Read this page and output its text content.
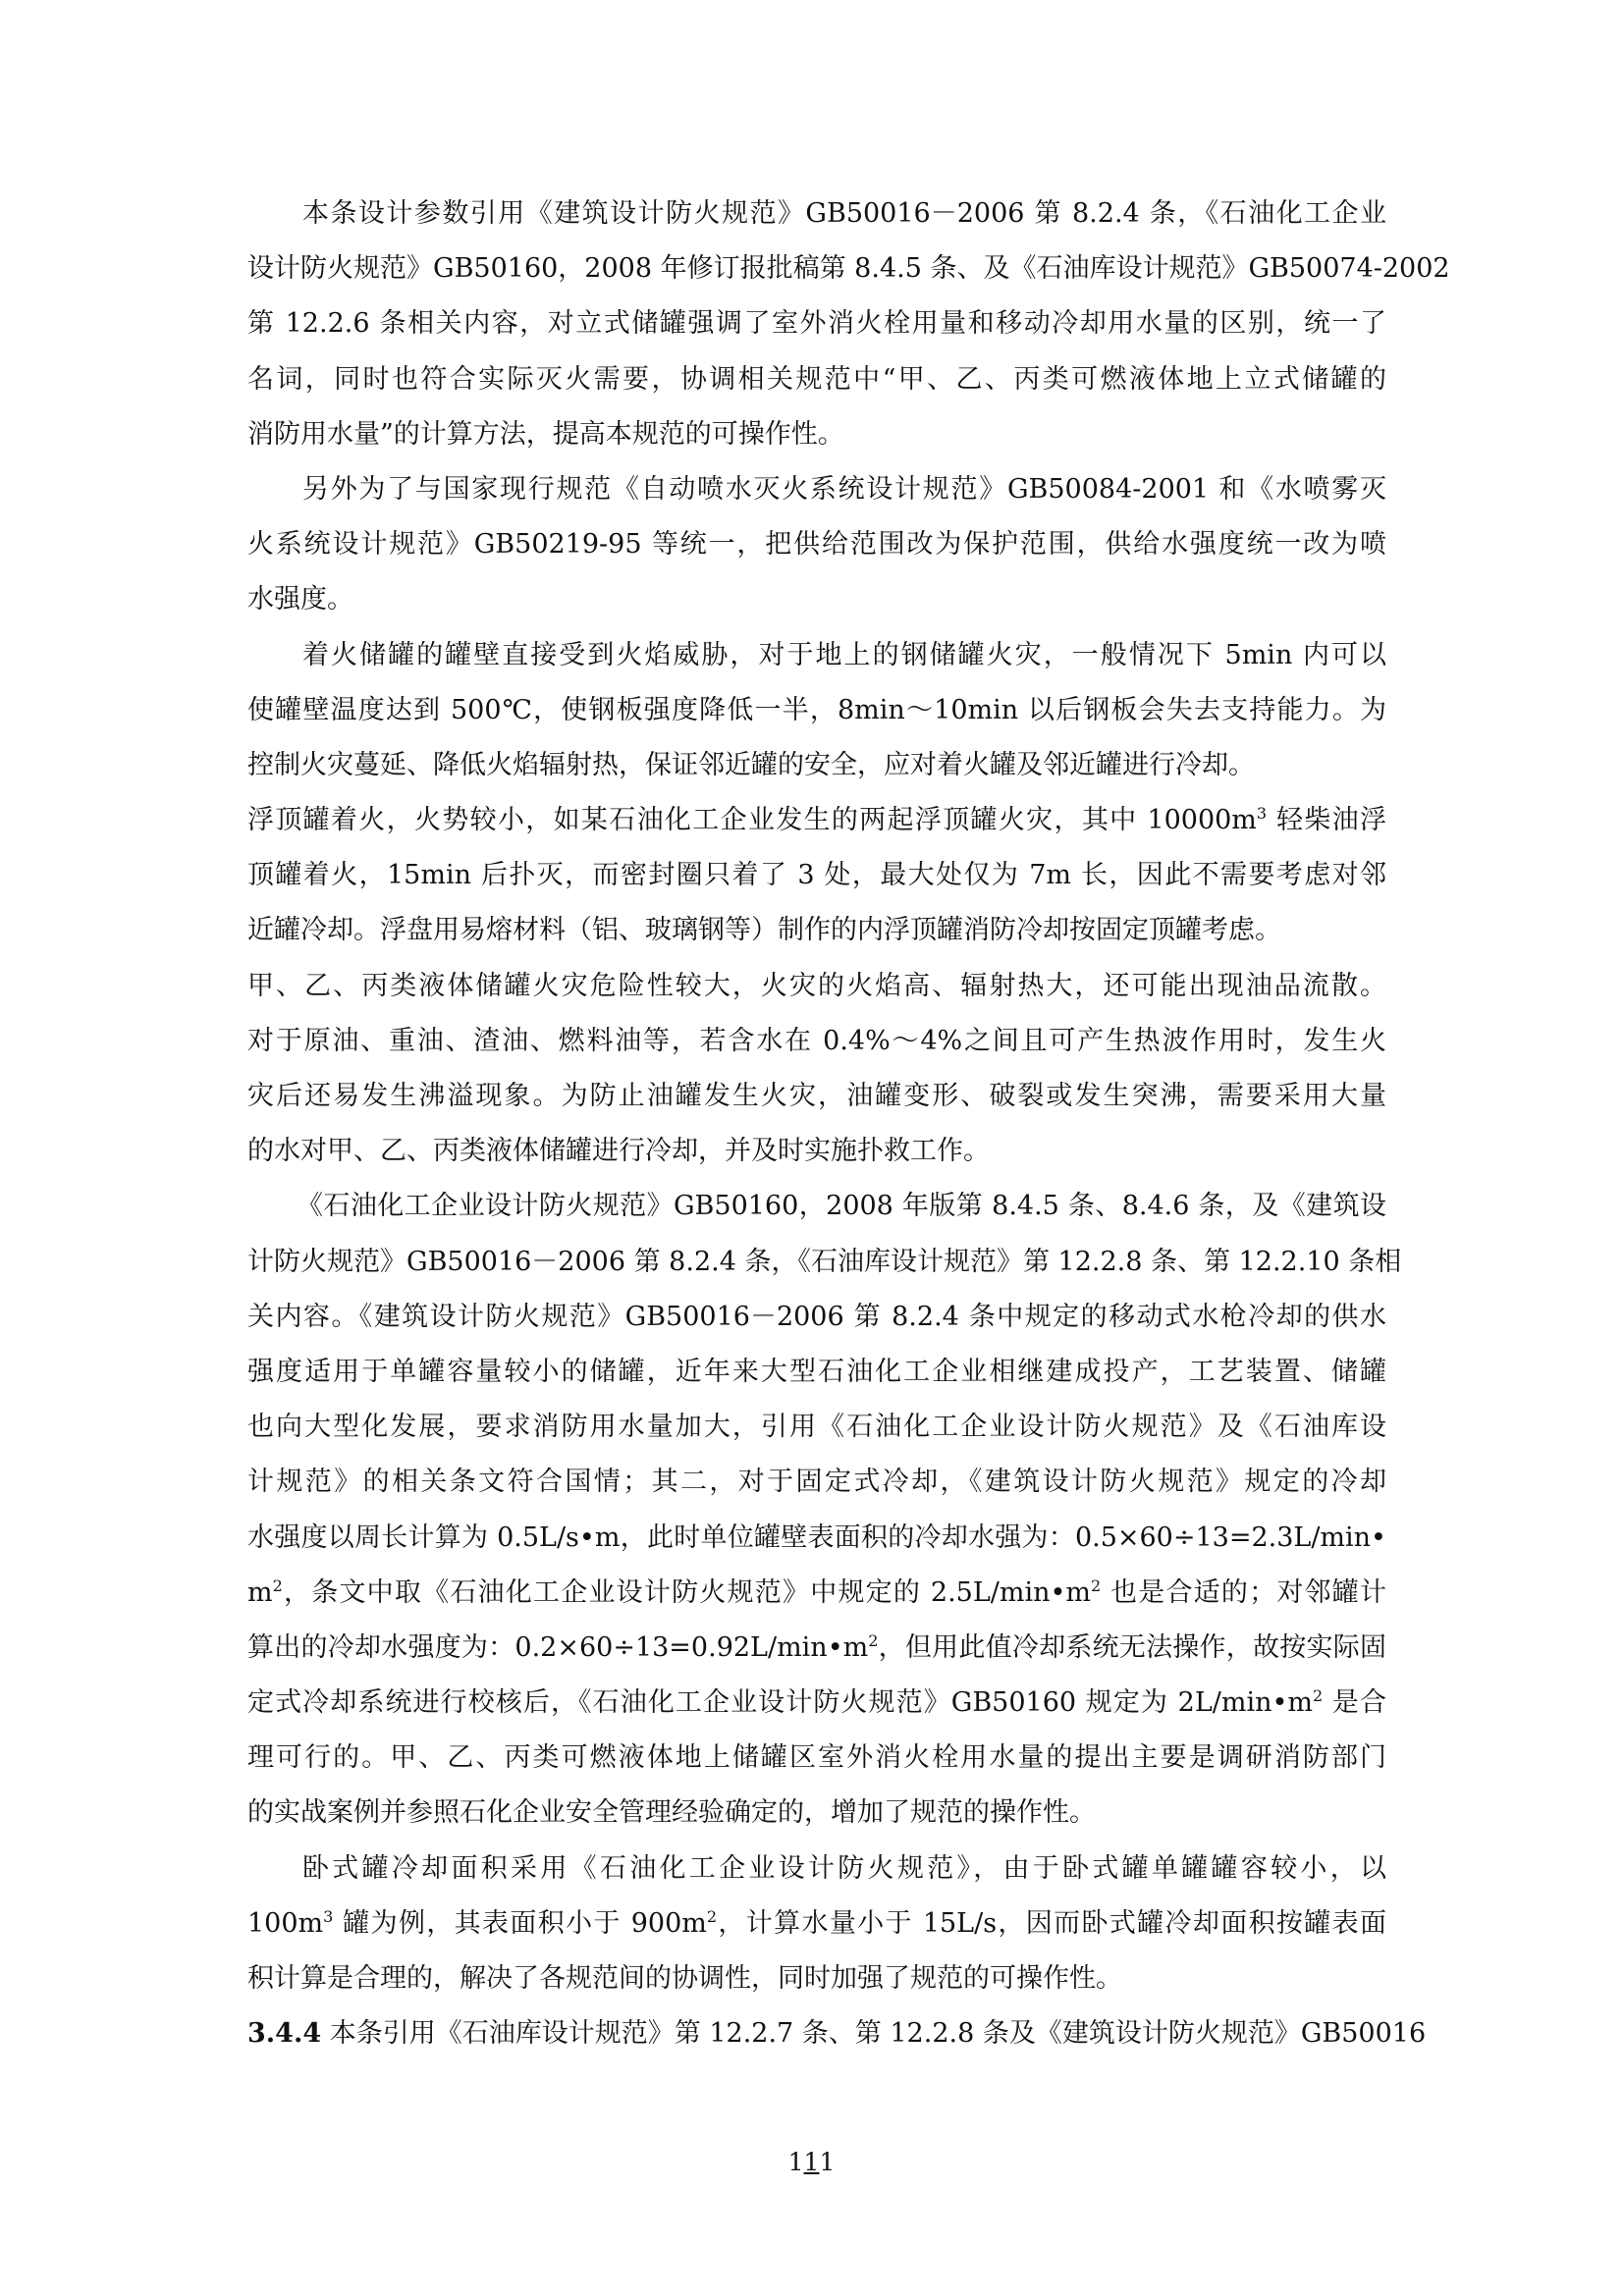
本条设计参数引用《建筑设计防火规范》GB50016－2006 第 8.2.4 条，《石油化工企业
设计防火规范》GB50160，2008 年修订报批稿第 8.4.5 条、及《石油库设计规范》GB50074-2002
第 12.2.6 条相关内容，对立式储罐强调了室外消火栓用量和移动冷却用水量的区别，统一了
名词，同时也符合实际灭火需要，协调相关规范中“甲、乙、丙类可燃液体地上立式储罐的
消防用水量”的计算方法，提高本规范的可操作性。
另外为了与国家现行规范《自动喷水灭火系统设计规范》GB50084-2001 和《水喷雾灭
火系统设计规范》GB50219-95 等统一，把供给范围改为保护范围，供给水强度统一改为喷
水强度。
着火储罐的罐壁直接受到火焰威胁，对于地上的钢储罐火灾，一般情况下 5min 内可以
使罐壁温度达到 500℃，使钢板强度降低一半，8min～10min 以后钢板会失去支持能力。为
控制火灾蔓延、降低火焰辐射热，保证邻近罐的安全，应对着火罐及邻近罐进行冷却。
浮顶罐着火，火势较小，如某石油化工企业发生的两起浮顶罐火灾，其中 $10000m^3$ 轻柴油浮
顶罐着火，15min 后扑灭，而密封圈只着了 3 处，最大处仅为 7m 长，因此不需要考虑对邻
近罐冷却。浮盘用易熔材料（铝、玻璃钢等）制作的内浮顶罐消防冷却按固定顶罐考虑。
甲、乙、丙类液体储罐火灾危险性较大，火灾的火焰高、辐射热大，还可能出现油品流散。
对于原油、重油、渣油、燃料油等，若含水在 0.4%～4%之间且可产生热波作用时，发生火
灾后还易发生沸溢现象。为防止油罐发生火灾，油罐变形、破裂或发生突沸，需要采用大量
的水对甲、乙、丙类液体储罐进行冷却，并及时实施扑救工作。
《石油化工企业设计防火规范》GB50160，2008 年版第 8.4.5 条、8.4.6 条，及《建筑设
计防火规范》GB50016－2006 第 8.2.4 条，《石油库设计规范》第 12.2.8 条、第 12.2.10 条相
关内容。《建筑设计防火规范》GB50016－2006 第 8.2.4 条中规定的移动式水枪冷却的供水
强度适用于单罐容量较小的储罐，近年来大型石油化工企业相继建成投产，工艺装置、储罐
也向大型化发展，要求消防用水量加大，引用《石油化工企业设计防火规范》及《石油库设
计规范》的相关条文符合国情；其二，对于固定式冷却，《建筑设计防火规范》规定的冷却
水强度以周长计算为 0.5L/s•m，此时单位罐壁表面积的冷却水强为：0.5×60÷13=2.3L/min•
$m^2$，条文中取《石油化工企业设计防火规范》中规定的 $2.5L/\min•m^2$ 也是合适的；对邻罐计
算出的冷却水强度为：$0.2\times 60\div 13=0.92L/\min•m^2$，但用此值冷却系统无法操作，故按实际固
定式冷却系统进行校核后，《石油化工企业设计防火规范》GB50160 规定为 $2L/\min•m^2$ 是合
理可行的。甲、乙、丙类可燃液体地上储罐区室外消火栓用水量的提出主要是调研消防部门
的实战案例并参照石化企业安全管理经验确定的，增加了规范的操作性。
卧式罐冷却面积采用《石油化工企业设计防火规范》，由于卧式罐单罐罐容较小，以
$100m^3$ 罐为例，其表面积小于 $900m^2$，计算水量小于 15L/s，因而卧式罐冷却面积按罐表面
积计算是合理的，解决了各规范间的协调性，同时加强了规范的可操作性。
3.4.4 本条引用《石油库设计规范》第 12.2.7 条、第 12.2.8 条及《建筑设计防火规范》GB50016
111
